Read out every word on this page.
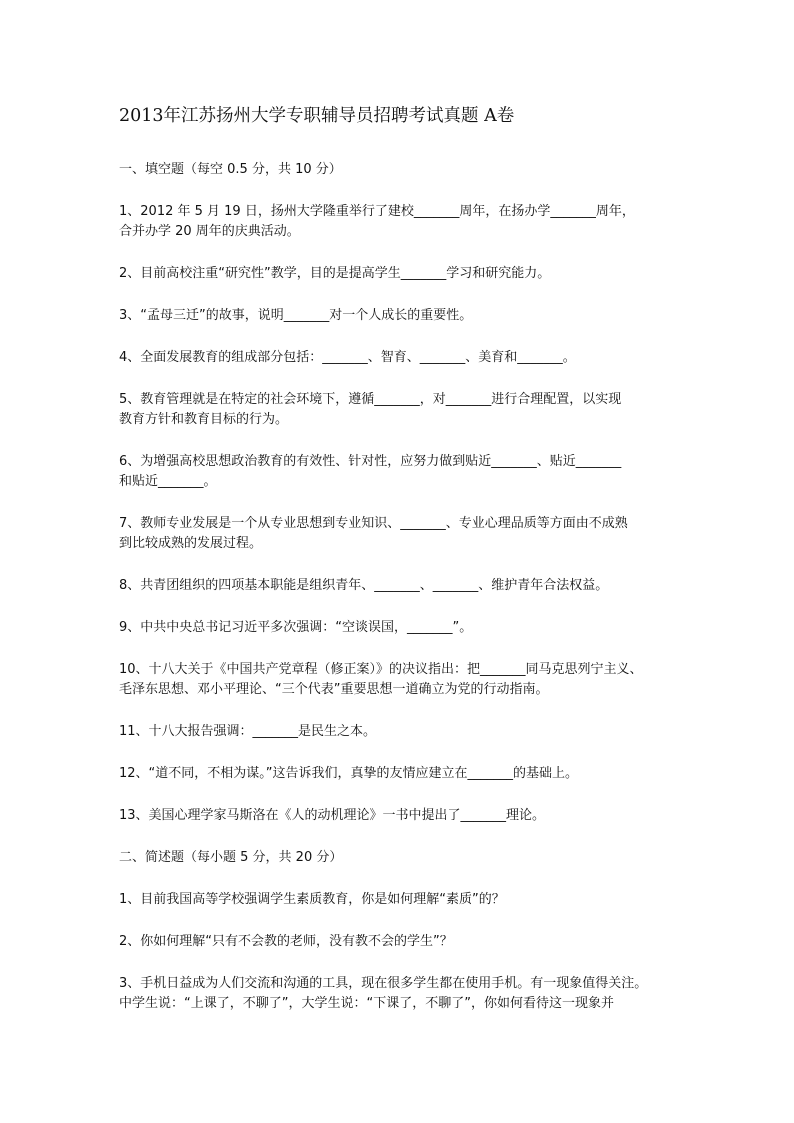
2013年江苏扬州大学专职辅导员招聘考试真题 A卷
一、填空题（每空 0.5 分，共 10 分）

1、2012 年 5 月 19 日，扬州大学隆重举行了建校_______周年，在扬办学_______周年，

合并办学 20 周年的庆典活动。

2、目前高校注重“研究性”教学，目的是提高学生_______学习和研究能力。

3、“孟母三迁”的故事，说明_______对一个人成长的重要性。

4、全面发展教育的组成部分包括：_______、智育、_______、美育和_______。

5、教育管理就是在特定的社会环境下，遵循_______，对_______进行合理配置，以实现

教育方针和教育目标的行为。

6、为增强高校思想政治教育的有效性、针对性，应努力做到贴近_______、贴近_______

和贴近_______。

7、教师专业发展是一个从专业思想到专业知识、_______、专业心理品质等方面由不成熟

到比较成熟的发展过程。

8、共青团组织的四项基本职能是组织青年、_______、_______、维护青年合法权益。

9、中共中央总书记习近平多次强调：“空谈误国，_______”。

10、十八大关于《中国共产党章程（修正案）》的决议指出：把_______同马克思列宁主义、

毛泽东思想、邓小平理论、“三个代表”重要思想一道确立为党的行动指南。

11、十八大报告强调：_______是民生之本。

12、“道不同，不相为谋。”这告诉我们，真挚的友情应建立在_______的基础上。

13、美国心理学家马斯洛在《人的动机理论》一书中提出了_______理论。

二、简述题（每小题 5 分，共 20 分）

1、目前我国高等学校强调学生素质教育，你是如何理解“素质”的？

2、你如何理解“只有不会教的老师，没有教不会的学生”？

3、手机日益成为人们交流和沟通的工具，现在很多学生都在使用手机。有一现象值得关注。

中学生说：“上课了，不聊了”，大学生说：“下课了，不聊了”，你如何看待这一现象并
